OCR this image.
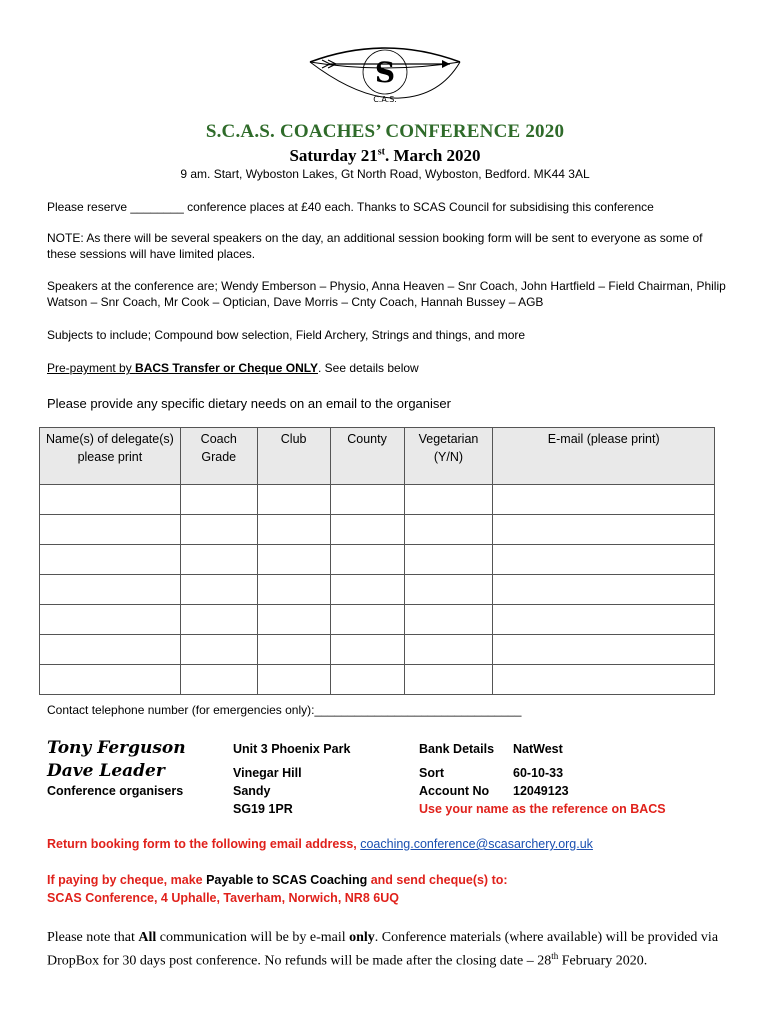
S
C.A.S.
S.C.A.S. COACHES’ CONFERENCE 2020
Saturday 21st. March 2020
9 am. Start, Wyboston Lakes, Gt North Road, Wyboston, Bedford. MK44 3AL
Please reserve ________ conference places at £40 each. Thanks to SCAS Council for subsidising this conference
NOTE: As there will be several speakers on the day, an additional session booking form will be sent to everyone as some of these sessions will have limited places.
Speakers at the conference are; Wendy Emberson – Physio, Anna Heaven – Snr Coach, John Hartfield – Field Chairman, Philip Watson – Snr Coach, Mr Cook – Optician, Dave Morris – Cnty Coach, Hannah Bussey – AGB
Subjects to include; Compound bow selection, Field Archery, Strings and things, and more
Pre-payment by BACS Transfer or Cheque ONLY. See details below
Please provide any specific dietary needs on an email to the organiser
Name(s) of delegate(s) please print	Coach Grade	Club	County	Vegetarian (Y/N)	E-mail (please print)

Contact telephone number (for emergencies only):_______________________________
Tony Ferguson
Dave Leader
Conference organisers
Unit 3 Phoenix Park
Vinegar Hill
Sandy
SG19 1PR
Bank Details NatWest
Sort	60-10-33
Account No 12049123
Use your name as the reference on BACS
Return booking form to the following email address, coaching.conference@scasarchery.org.uk
If paying by cheque, make Payable to SCAS Coaching and send cheque(s) to:
SCAS Conference, 4 Uphalle, Taverham, Norwich, NR8 6UQ
Please note that All communication will be by e-mail only. Conference materials (where available) will be provided via DropBox for 30 days post conference. No refunds will be made after the closing date – 28th February 2020.
